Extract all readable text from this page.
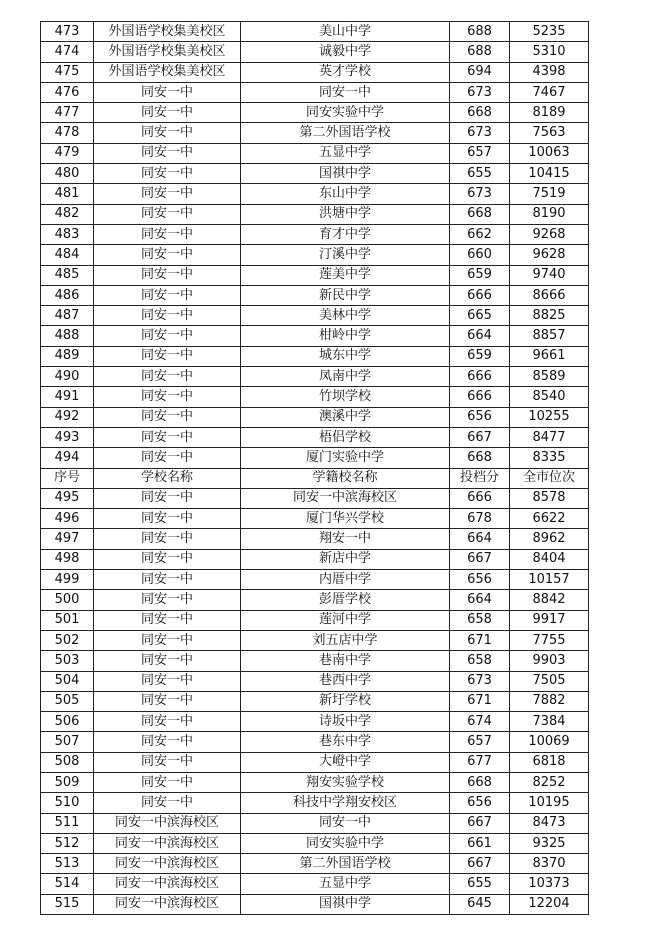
473	外国语学校集美校区	美山中学	688	5235
474	外国语学校集美校区	诚毅中学	688	5310
475	外国语学校集美校区	英才学校	694	4398
476	同安一中	同安一中	673	7467
477	同安一中	同安实验中学	668	8189
478	同安一中	第二外国语学校	673	7563
479	同安一中	五显中学	657	10063
480	同安一中	国祺中学	655	10415
481	同安一中	东山中学	673	7519
482	同安一中	洪塘中学	668	8190
483	同安一中	育才中学	662	9268
484	同安一中	汀溪中学	660	9628
485	同安一中	莲美中学	659	9740
486	同安一中	新民中学	666	8666
487	同安一中	美林中学	665	8825
488	同安一中	柑岭中学	664	8857
489	同安一中	城东中学	659	9661
490	同安一中	凤南中学	666	8589
491	同安一中	竹坝学校	666	8540
492	同安一中	澳溪中学	656	10255
493	同安一中	梧侣学校	667	8477
494	同安一中	厦门实验中学	668	8335
序号	学校名称	学籍校名称	投档分	全市位次
495	同安一中	同安一中滨海校区	666	8578
496	同安一中	厦门华兴学校	678	6622
497	同安一中	翔安一中	664	8962
498	同安一中	新店中学	667	8404
499	同安一中	内厝中学	656	10157
500	同安一中	彭厝学校	664	8842
501	同安一中	莲河中学	658	9917
502	同安一中	刘五店中学	671	7755
503	同安一中	巷南中学	658	9903
504	同安一中	巷西中学	673	7505
505	同安一中	新圩学校	671	7882
506	同安一中	诗坂中学	674	7384
507	同安一中	巷东中学	657	10069
508	同安一中	大嶝中学	677	6818
509	同安一中	翔安实验学校	668	8252
510	同安一中	科技中学翔安校区	656	10195
511	同安一中滨海校区	同安一中	667	8473
512	同安一中滨海校区	同安实验中学	661	9325
513	同安一中滨海校区	第二外国语学校	667	8370
514	同安一中滨海校区	五显中学	655	10373
515	同安一中滨海校区	国祺中学	645	12204
